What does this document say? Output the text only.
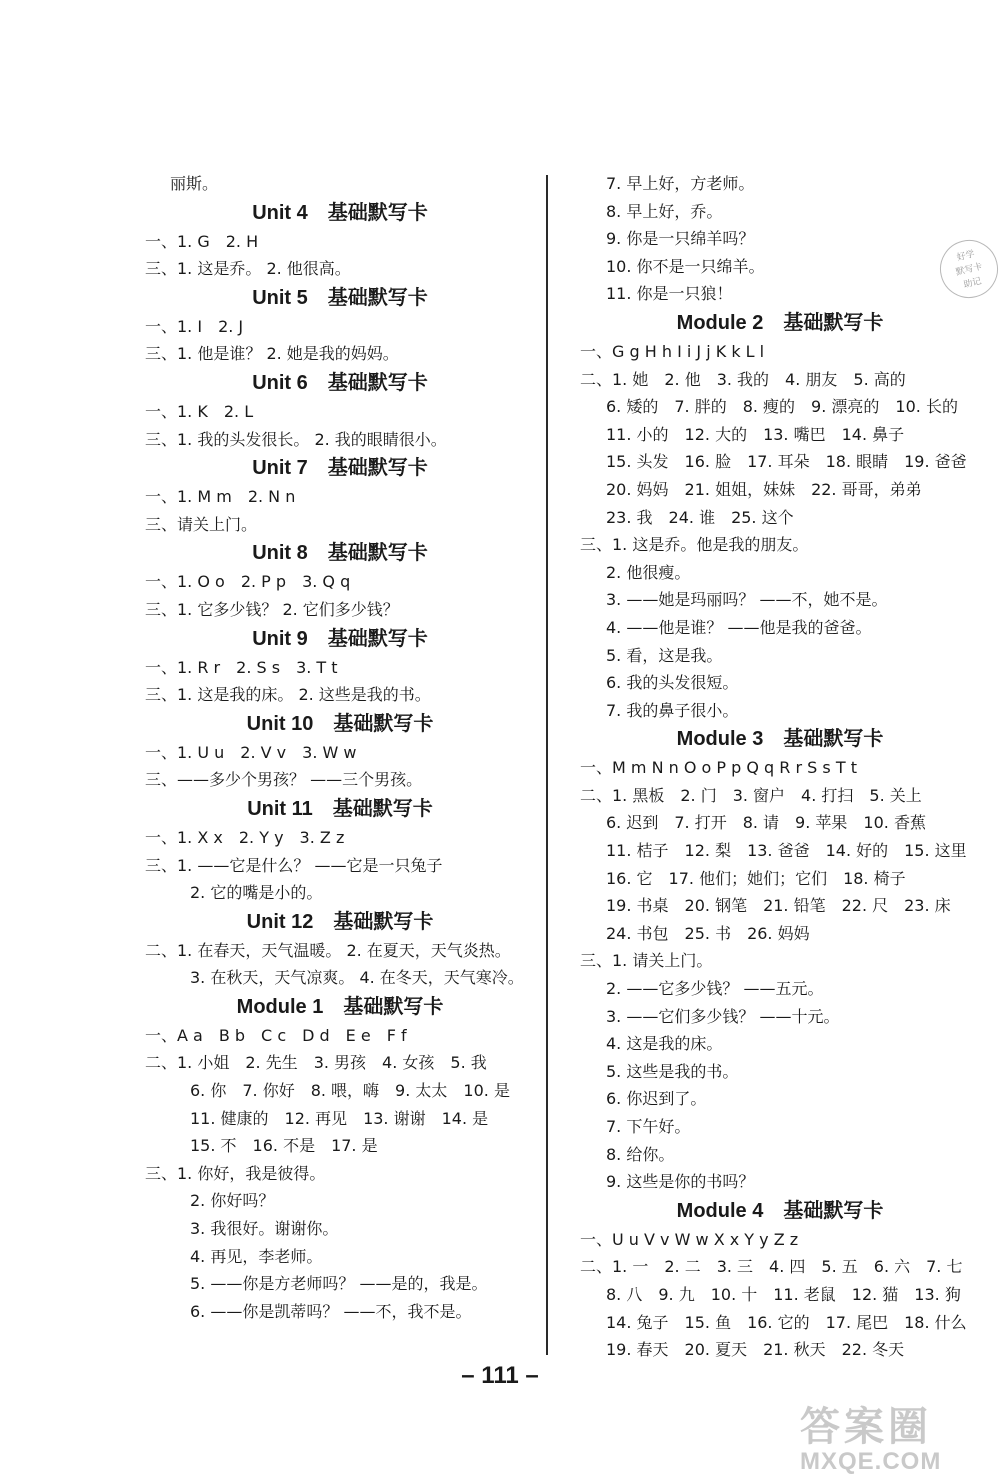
丽斯。
Unit 4　基础默写卡
一、1. G　2. H
三、1. 这是乔。 2. 他很高。
Unit 5　基础默写卡
一、1. I　2. J
三、1. 他是谁？ 2. 她是我的妈妈。
Unit 6　基础默写卡
一、1. K　2. L
三、1. 我的头发很长。 2. 我的眼睛很小。
Unit 7　基础默写卡
一、1. M m　2. N n
三、请关上门。
Unit 8　基础默写卡
一、1. O o　2. P p　3. Q q
三、1. 它多少钱？ 2. 它们多少钱？
Unit 9　基础默写卡
一、1. R r　2. S s　3. T t
三、1. 这是我的床。 2. 这些是我的书。
Unit 10　基础默写卡
一、1. U u　2. V v　3. W w
三、——多少个男孩？ ——三个男孩。
Unit 11　基础默写卡
一、1. X x　2. Y y　3. Z z
三、1. ——它是什么？ ——它是一只兔子
2. 它的嘴是小的。
Unit 12　基础默写卡
二、1. 在春天，天气温暖。 2. 在夏天，天气炎热。
3. 在秋天，天气凉爽。 4. 在冬天，天气寒冷。
Module 1　基础默写卡
一、A a　B b　C c　D d　E e　F f
二、1. 小姐　2. 先生　3. 男孩　4. 女孩　5. 我
6. 你　7. 你好　8. 喂，嗨　9. 太太　10. 是
11. 健康的　12. 再见　13. 谢谢　14. 是
15. 不　16. 不是　17. 是
三、1. 你好，我是彼得。
2. 你好吗？
3. 我很好。谢谢你。
4. 再见，李老师。
5. ——你是方老师吗？ ——是的，我是。
6. ——你是凯蒂吗？ ——不，我不是。
7. 早上好，方老师。
8. 早上好，乔。
9. 你是一只绵羊吗？
10. 你不是一只绵羊。
11. 你是一只狼！
Module 2　基础默写卡
一、G g H h I i J j K k L l
二、1. 她　2. 他　3. 我的　4. 朋友　5. 高的
6. 矮的　7. 胖的　8. 瘦的　9. 漂亮的　10. 长的
11. 小的　12. 大的　13. 嘴巴　14. 鼻子
15. 头发　16. 脸　17. 耳朵　18. 眼睛　19. 爸爸
20. 妈妈　21. 姐姐，妹妹　22. 哥哥，弟弟
23. 我　24. 谁　25. 这个
三、1. 这是乔。他是我的朋友。
2. 他很瘦。
3. ——她是玛丽吗？ ——不，她不是。
4. ——他是谁？ ——他是我的爸爸。
5. 看，这是我。
6. 我的头发很短。
7. 我的鼻子很小。
Module 3　基础默写卡
一、M m N n O o P p Q q R r S s T t
二、1. 黑板　2. 门　3. 窗户　4. 打扫　5. 关上
6. 迟到　7. 打开　8. 请　9. 苹果　10. 香蕉
11. 桔子　12. 梨　13. 爸爸　14. 好的　15. 这里
16. 它　17. 他们；她们；它们　18. 椅子
19. 书桌　20. 钢笔　21. 铅笔　22. 尺　23. 床
24. 书包　25. 书　26. 妈妈
三、1. 请关上门。
2. ——它多少钱？ ——五元。
3. ——它们多少钱？ ——十元。
4. 这是我的床。
5. 这些是我的书。
6. 你迟到了。
7. 下午好。
8. 给你。
9. 这些是你的书吗？
Module 4　基础默写卡
一、U u V v W w X x Y y Z z
二、1. 一　2. 二　3. 三　4. 四　5. 五　6. 六　7. 七
8. 八　9. 九　10. 十　11. 老鼠　12. 猫　13. 狗
14. 兔子　15. 鱼　16. 它的　17. 尾巴　18. 什么
19. 春天　20. 夏天　21. 秋天　22. 冬天
好学
默写卡
助记
– 111 –
答案圈
MXQE.COM
